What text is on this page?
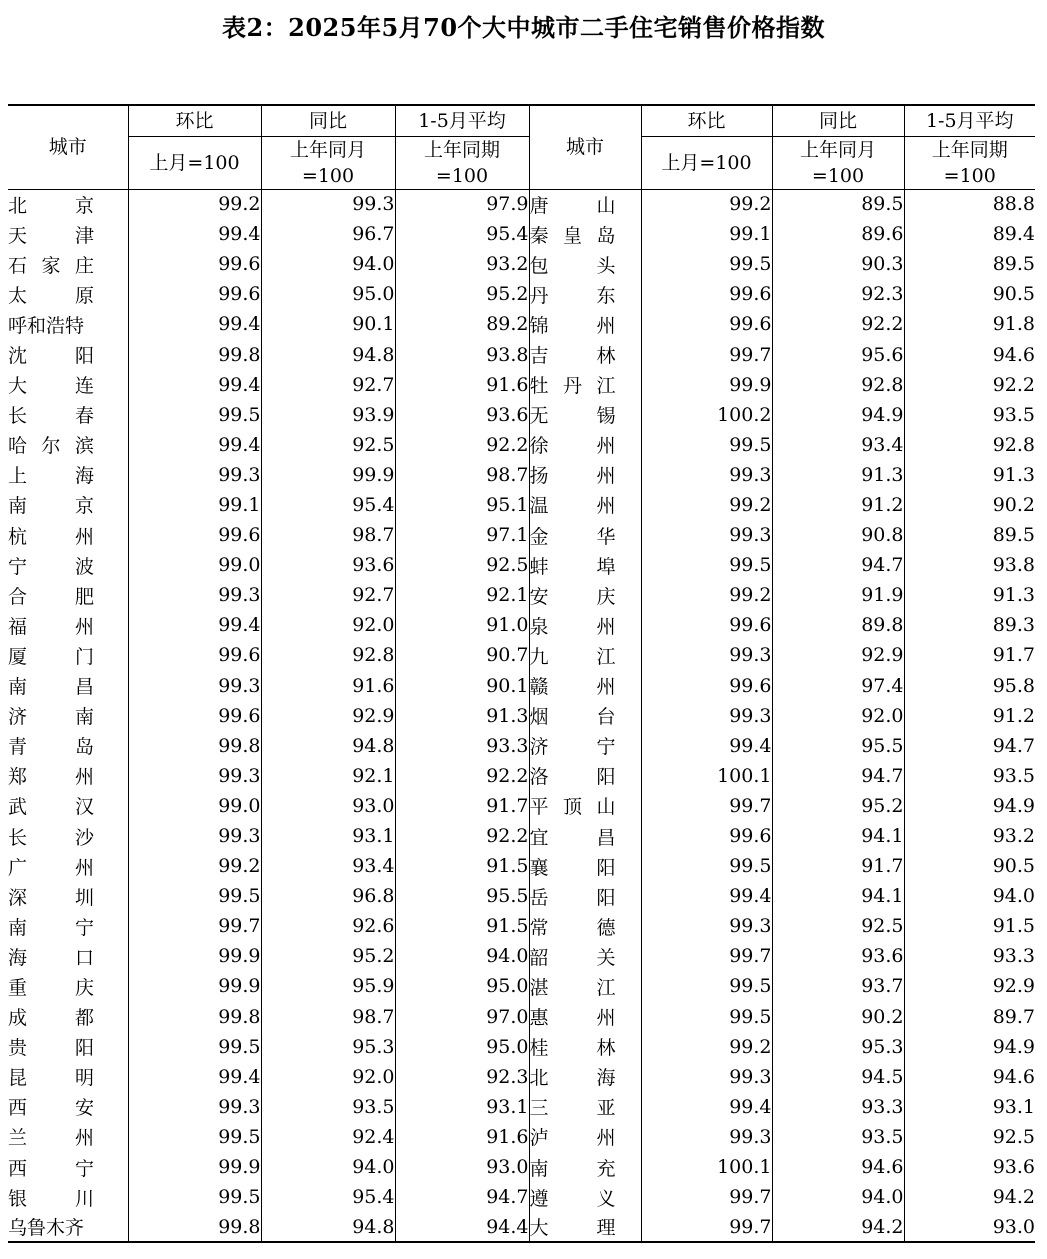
表2：2025年5月70个大中城市二手住宅销售价格指数
城市	环比	同比	1-5月平均	城市	环比	同比	1-5月平均
	上月=100	上年同月
=100	上年同期
=100		上月=100	上年同月
=100	上年同期
=100

北京	99.2	99.3	97.9	唐山	99.2	89.5	88.8

天津	99.4	96.7	95.4	秦皇岛	99.1	89.6	89.4

石家庄	99.6	94.0	93.2	包头	99.5	90.3	89.5

太原	99.6	95.0	95.2	丹东	99.6	92.3	90.5

呼和浩特	99.4	90.1	89.2	锦州	99.6	92.2	91.8

沈阳	99.8	94.8	93.8	吉林	99.7	95.6	94.6

大连	99.4	92.7	91.6	牡丹江	99.9	92.8	92.2

长春	99.5	93.9	93.6	无锡	100.2	94.9	93.5

哈尔滨	99.4	92.5	92.2	徐州	99.5	93.4	92.8

上海	99.3	99.9	98.7	扬州	99.3	91.3	91.3

南京	99.1	95.4	95.1	温州	99.2	91.2	90.2

杭州	99.6	98.7	97.1	金华	99.3	90.8	89.5

宁波	99.0	93.6	92.5	蚌埠	99.5	94.7	93.8

合肥	99.3	92.7	92.1	安庆	99.2	91.9	91.3

福州	99.4	92.0	91.0	泉州	99.6	89.8	89.3

厦门	99.6	92.8	90.7	九江	99.3	92.9	91.7

南昌	99.3	91.6	90.1	赣州	99.6	97.4	95.8

济南	99.6	92.9	91.3	烟台	99.3	92.0	91.2

青岛	99.8	94.8	93.3	济宁	99.4	95.5	94.7

郑州	99.3	92.1	92.2	洛阳	100.1	94.7	93.5

武汉	99.0	93.0	91.7	平顶山	99.7	95.2	94.9

长沙	99.3	93.1	92.2	宜昌	99.6	94.1	93.2

广州	99.2	93.4	91.5	襄阳	99.5	91.7	90.5

深圳	99.5	96.8	95.5	岳阳	99.4	94.1	94.0

南宁	99.7	92.6	91.5	常德	99.3	92.5	91.5

海口	99.9	95.2	94.0	韶关	99.7	93.6	93.3

重庆	99.9	95.9	95.0	湛江	99.5	93.7	92.9

成都	99.8	98.7	97.0	惠州	99.5	90.2	89.7

贵阳	99.5	95.3	95.0	桂林	99.2	95.3	94.9

昆明	99.4	92.0	92.3	北海	99.3	94.5	94.6

西安	99.3	93.5	93.1	三亚	99.4	93.3	93.1

兰州	99.5	92.4	91.6	泸州	99.3	93.5	92.5

西宁	99.9	94.0	93.0	南充	100.1	94.6	93.6

银川	99.5	95.4	94.7	遵义	99.7	94.0	94.2

乌鲁木齐	99.8	94.8	94.4	大理	99.7	94.2	93.0
